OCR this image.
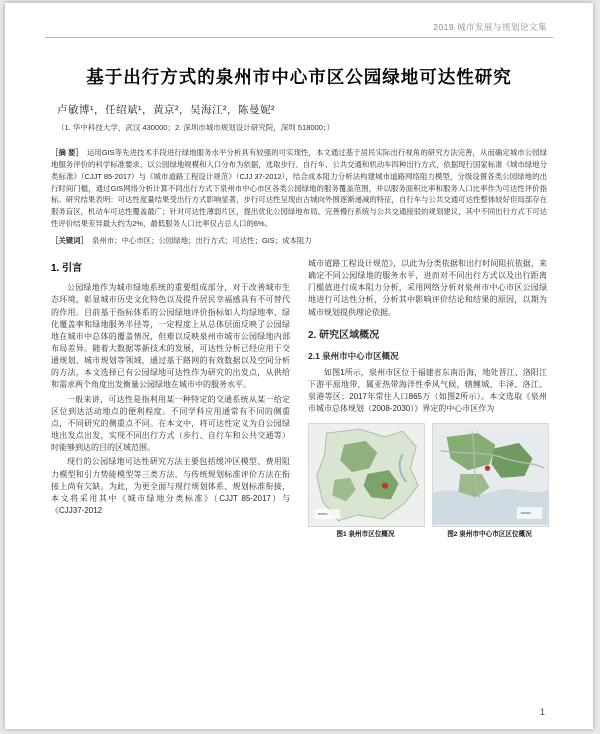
2019 城市发展与规划论文集
基于出行方式的泉州市中心市区公园绿地可达性研究
卢敏博¹，任绍斌¹，黄京²，吴海江²，陈曼妮²
（1. 华中科技大学，武汉 430000；2. 深圳市城市规划设计研究院，深圳 518000；）
［摘 要］ 运用GIS等先进技术手段进行绿地服务水平分析具有较强的可实现性，本文通过基于居民实际出行视角的研究方法完善，从而确定城市公园绿地服务评价的科学标准要求。以公园绿地规模和人口分布为依据，选取步行、自行车、公共交通和机动车四种出行方式，依据现行国家标准《城市绿地分类标准》（CJJT 85-2017）与《城市道路工程设计规范》（CJJ 37-2012），结合成本阻力分析法构建城市道路网络阻力模型，分级设置各类公园绿地的出行时间门槛，通过GIS网络分析计算不同出行方式下泉州市中心市区各类公园绿地的服务覆盖范围，并以服务面积比率和服务人口比率作为可达性评价指标。研究结果表明：可达性度量结果受出行方式影响显著，步行可达性呈现由古城向外围逐渐递减的特征，自行车与公共交通可达性整体较好但局部存在服务盲区，机动车可达性覆盖最广；针对可达性薄弱片区，提出优化公园绿地布局、完善慢行系统与公共交通接驳的规划建议，其中不同出行方式下可达性评价结果差异最大约为2%，最低服务人口比率仅占总人口的6%。
［关键词］ 泉州市；中心市区；公园绿地；出行方式；可达性；GIS；成本阻力
1. 引言

公园绿地作为城市绿地系统的重要组成部分，对于改善城市生态环境，彰显城市历史文化特色以及提升居民幸福感具有不可替代的作用。目前基于指标体系的公园绿地评价指标如人均绿地率、绿化覆盖率和绿地服务半径等，一定程度上从总体层面反映了公园绿地在城市中总体的覆盖情况，但难以反映泉州市城市公园绿地内部布局差异。随着大数据等新技术的发展，可达性分析已经应用于交通规划、城市规划等领域，通过基于路网的有效数据以及空间分析的方法，本文选择已有公园绿地可达性作为研究的出发点，从供给和需求两个角度出发衡量公园绿地在城市中的服务水平。

一般来讲，可达性是指利用某一种特定的交通系统从某一给定区位到达活动地点的便利程度。不同学科应用通常有不同的侧重点，不同研究的侧重点不同。在本文中，将可达性定义为自公园绿地出发点出发，实现不同出行方式（步行、自行车和公共交通等）时能够到达的目的区域范围。

现行的公园绿地可达性研究方法主要包括缓冲区模型、费用阻力模型和引力势能模型等三类方法，与传统规划标准评价方法在衔接上尚有欠缺。为此，为更全面与现行规划体系、规划标准衔接，本文将采用其中《城市绿地分类标准》（CJJT 85-2017）与《CJJ37-2012

城市道路工程设计规范》，以此为分类依据和出行时间阻抗依据，来确定不同公园绿地的服务水平，进而对不同出行方式以及出行距离门槛值进行成本阻力分析，采用网络分析对泉州市中心市区公园绿地进行可达性分析，分析其中影响评价结论和结果的原因，以期为城市规划提供理论依据。

2. 研究区域概况
2.1 泉州市中心市区概况

如图1所示，泉州市区位于福建省东南沿海，地处晋江、洛阳江下游平原地带，属亚热带海洋性季风气候，辖鲤城、丰泽、洛江、泉港等区；2017年常住人口865万（如图2所示）。本文选取《泉州市城市总体规划（2008-2030）》界定的中心市区作为

图1 泉州市区位概况	图2 泉州市中心市区区位概况
1
